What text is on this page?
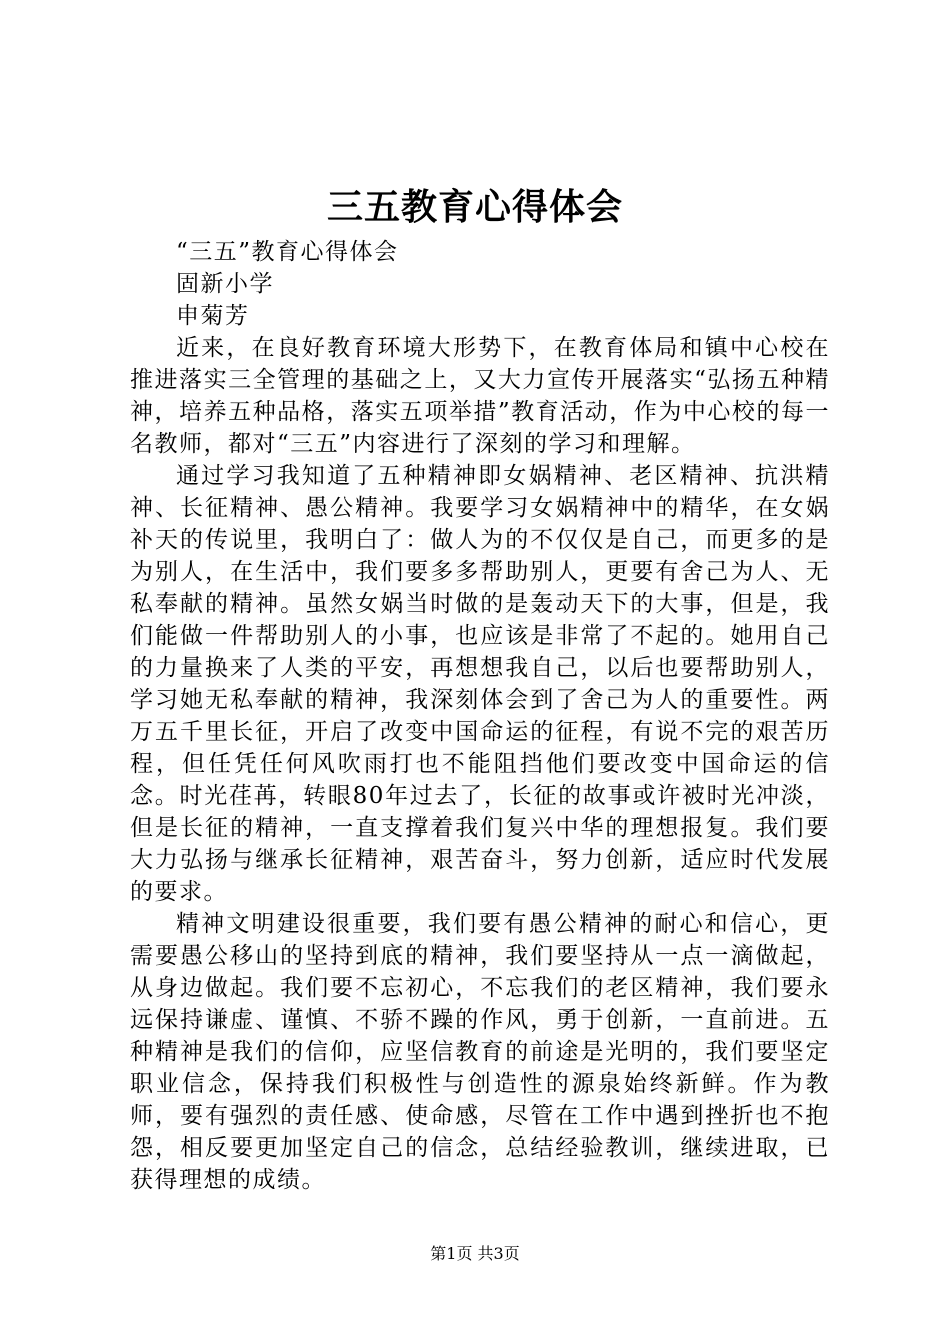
三五教育心得体会

“三五”教育心得体会

固新小学

申菊芳

近来，在良好教育环境大形势下，在教育体局和镇中心校在推进落实三全管理的基础之上，又大力宣传开展落实“弘扬五种精神，培养五种品格，落实五项举措”教育活动，作为中心校的每一名教师，都对“三五”内容进行了深刻的学习和理解。

通过学习我知道了五种精神即女娲精神、老区精神、抗洪精神、长征精神、愚公精神。我要学习女娲精神中的精华，在女娲补天的传说里，我明白了：做人为的不仅仅是自己，而更多的是为别人，在生活中，我们要多多帮助别人，更要有舍己为人、无私奉献的精神。虽然女娲当时做的是轰动天下的大事，但是，我们能做一件帮助别人的小事，也应该是非常了不起的。她用自己的力量换来了人类的平安，再想想我自己，以后也要帮助别人，学习她无私奉献的精神，我深刻体会到了舍己为人的重要性。两万五千里长征，开启了改变中国命运的征程，有说不完的艰苦历程，但任凭任何风吹雨打也不能阻挡他们要改变中国命运的信念。时光荏苒，转眼80年过去了，长征的故事或许被时光冲淡，但是长征的精神，一直支撑着我们复兴中华的理想报复。我们要大力弘扬与继承长征精神，艰苦奋斗，努力创新，适应时代发展的要求。

精神文明建设很重要，我们要有愚公精神的耐心和信心，更需要愚公移山的坚持到底的精神，我们要坚持从一点一滴做起，从身边做起。我们要不忘初心，不忘我们的老区精神，我们要永远保持谦虚、谨慎、不骄不躁的作风，勇于创新，一直前进。五种精神是我们的信仰，应坚信教育的前途是光明的，我们要坚定职业信念，保持我们积极性与创造性的源泉始终新鲜。作为教师，要有强烈的责任感、使命感，尽管在工作中遇到挫折也不抱怨，相反要更加坚定自己的信念，总结经验教训，继续进取，已获得理想的成绩。

第1页 共3页
